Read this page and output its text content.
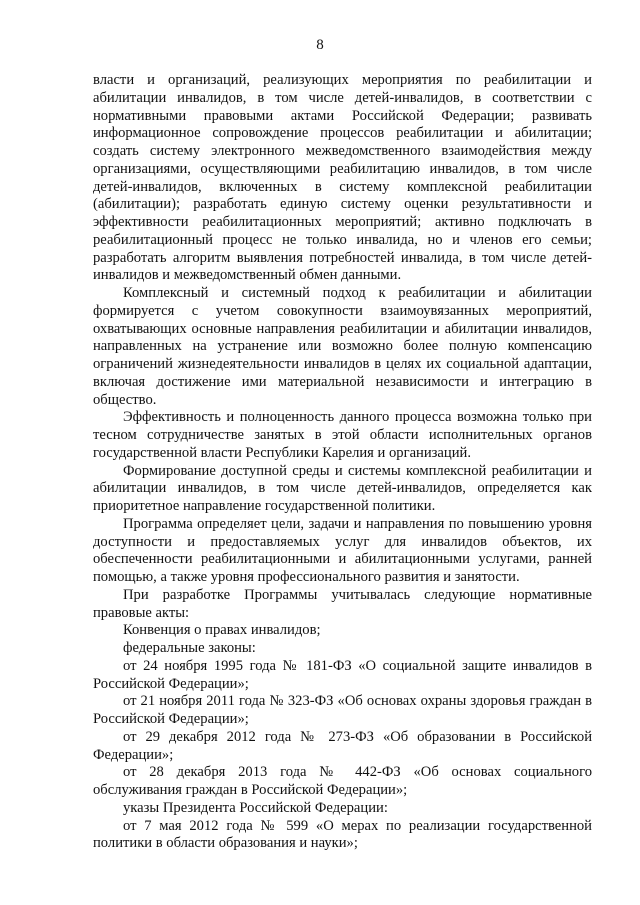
8

власти и организаций, реализующих мероприятия по реабилитации и абилитации инвалидов, в том числе детей-инвалидов, в соответствии с нормативными правовыми актами Российской Федерации; развивать информационное сопровождение процессов реабилитации и абилитации; создать систему электронного межведомственного взаимодействия между организациями, осуществляющими реабилитацию инвалидов, в том числе детей-инвалидов, включенных в систему комплексной реабилитации (абилитации); разработать единую систему оценки результативности и эффективности реабилитационных мероприятий; активно подключать в реабилитационный процесс не только инвалида, но и членов его семьи; разработать алгоритм выявления потребностей инвалида, в том числе детей-инвалидов и межведомственный обмен данными.

Комплексный и системный подход к реабилитации и абилитации формируется с учетом совокупности взаимоувязанных мероприятий, охватывающих основные направления реабилитации и абилитации инвалидов, направленных на устранение или возможно более полную компенсацию ограничений жизнедеятельности инвалидов в целях их социальной адаптации, включая достижение ими материальной независимости и интеграцию в общество.

Эффективность и полноценность данного процесса возможна только при тесном сотрудничестве занятых в этой области исполнительных органов государственной власти Республики Карелия и организаций.

Формирование доступной среды и системы комплексной реабилитации и абилитации инвалидов, в том числе детей-инвалидов, определяется как приоритетное направление государственной политики.

Программа определяет цели, задачи и направления по повышению уровня доступности и предоставляемых услуг для инвалидов объектов, их обеспеченности реабилитационными и абилитационными услугами, ранней помощью, а также уровня профессионального развития и занятости.

При разработке Программы учитывалась следующие нормативные правовые акты:

Конвенция о правах инвалидов;

федеральные законы:

от 24 ноября 1995 года № 181-ФЗ «О социальной защите инвалидов в Российской Федерации»;

от 21 ноября 2011 года № 323-ФЗ «Об основах охраны здоровья граждан в Российской Федерации»;

от 29 декабря 2012 года № 273-ФЗ «Об образовании в Российской Федерации»;

от 28 декабря 2013 года № 442-ФЗ «Об основах социального обслуживания граждан в Российской Федерации»;

указы Президента Российской Федерации:

от 7 мая 2012 года № 599 «О мерах по реализации государственной политики в области образования и науки»;
